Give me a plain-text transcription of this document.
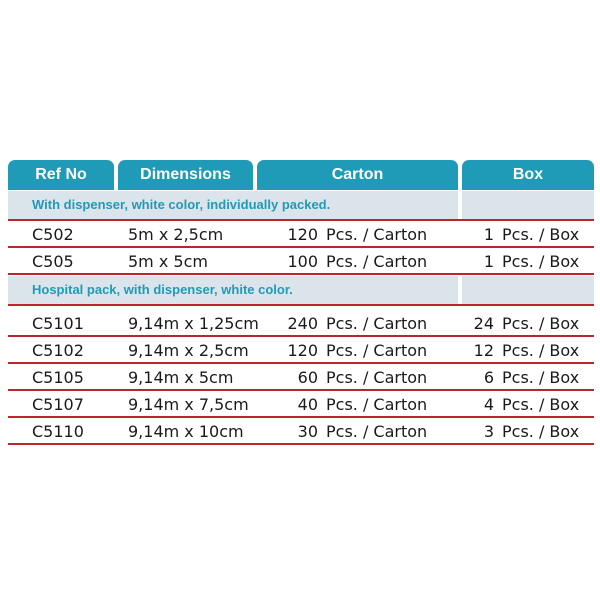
Ref No	Dimensions	Carton	Box
With dispenser, white color, individually packed.
C502	5m x 2,5cm	120 Pcs. / Carton	1 Pcs. / Box
C505	5m x 5cm	100 Pcs. / Carton	1 Pcs. / Box
Hospital pack, with dispenser, white color.
C5101	9,14m x 1,25cm	240 Pcs. / Carton	24 Pcs. / Box
C5102	9,14m x 2,5cm	120 Pcs. / Carton	12 Pcs. / Box
C5105	9,14m x 5cm	60 Pcs. / Carton	6 Pcs. / Box
C5107	9,14m x 7,5cm	40 Pcs. / Carton	4 Pcs. / Box
C5110	9,14m x 10cm	30 Pcs. / Carton	3 Pcs. / Box
